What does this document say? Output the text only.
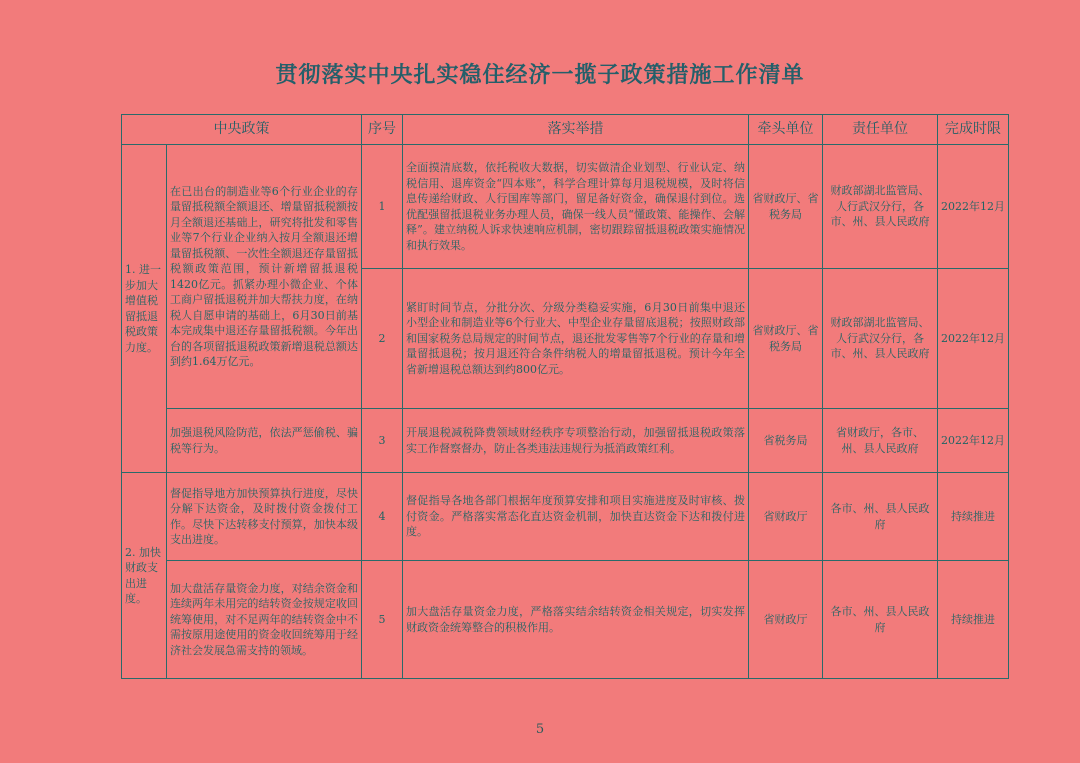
贯彻落实中央扎实稳住经济一揽子政策措施工作清单
中央政策		序号	落实举措	牵头单位	责任单位	完成时限
1. 进一步加大增值税留抵退税政策力度。	在已出台的制造业等6个行业企业的存量留抵税额全额退还、增量留抵税额按月全额退还基础上，研究将批发和零售业等7个行业企业纳入按月全额退还增量留抵税额、一次性全额退还存量留抵税额政策范围，预计新增留抵退税1420亿元。抓紧办理小微企业、个体工商户留抵退税并加大帮扶力度，在纳税人自愿申请的基础上，6月30日前基本完成集中退还存量留抵税额。今年出台的各项留抵退税政策新增退税总额达到约1.64万亿元。	1	全面摸清底数，依托税收大数据，切实做清企业划型、行业认定、纳税信用、退库资金“四本账”，科学合理计算每月退税规模，及时将信息传递给财政、人行国库等部门，留足备好资金，确保退付到位。选优配强留抵退税业务办理人员，确保一线人员“懂政策、能操作、会解释”。建立纳税人诉求快速响应机制，密切跟踪留抵退税政策实施情况和执行效果。	省财政厅、省税务局	财政部湖北监管局、人行武汉分行，各市、州、县人民政府	2022年12月
		2	紧盯时间节点，分批分次、分级分类稳妥实施，6月30日前集中退还小型企业和制造业等6个行业大、中型企业存量留底退税；按照财政部和国家税务总局规定的时间节点，退还批发零售等7个行业的存量和增量留抵退税；按月退还符合条件纳税人的增量留抵退税。预计今年全省新增退税总额达到约800亿元。	省财政厅、省税务局	财政部湖北监管局、人行武汉分行，各市、州、县人民政府	2022年12月
	加强退税风险防范，依法严惩偷税、骗税等行为。	3	开展退税减税降费领域财经秩序专项整治行动，加强留抵退税政策落实工作督察督办，防止各类违法违规行为抵消政策红利。	省税务局	省财政厅，各市、州、县人民政府	2022年12月
2. 加快财政支出进度。	督促指导地方加快预算执行进度，尽快分解下达资金，及时拨付资金拨付工作。尽快下达转移支付预算，加快本级支出进度。	4	督促指导各地各部门根据年度预算安排和项目实施进度及时审核、拨付资金。严格落实常态化直达资金机制，加快直达资金下达和拨付进度。	省财政厅	各市、州、县人民政府	持续推进
	加大盘活存量资金力度，对结余资金和连续两年未用完的结转资金按规定收回统筹使用，对不足两年的结转资金中不需按原用途使用的资金收回统筹用于经济社会发展急需支持的领域。	5	加大盘活存量资金力度，严格落实结余结转资金相关规定，切实发挥财政资金统筹整合的积极作用。	省财政厅	各市、州、县人民政府	持续推进
5
